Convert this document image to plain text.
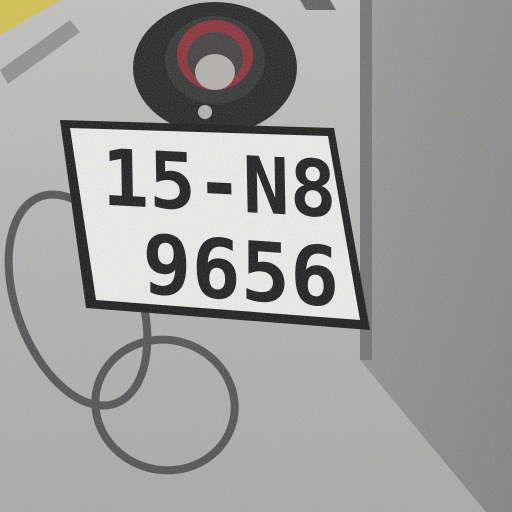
15-N8
9656
